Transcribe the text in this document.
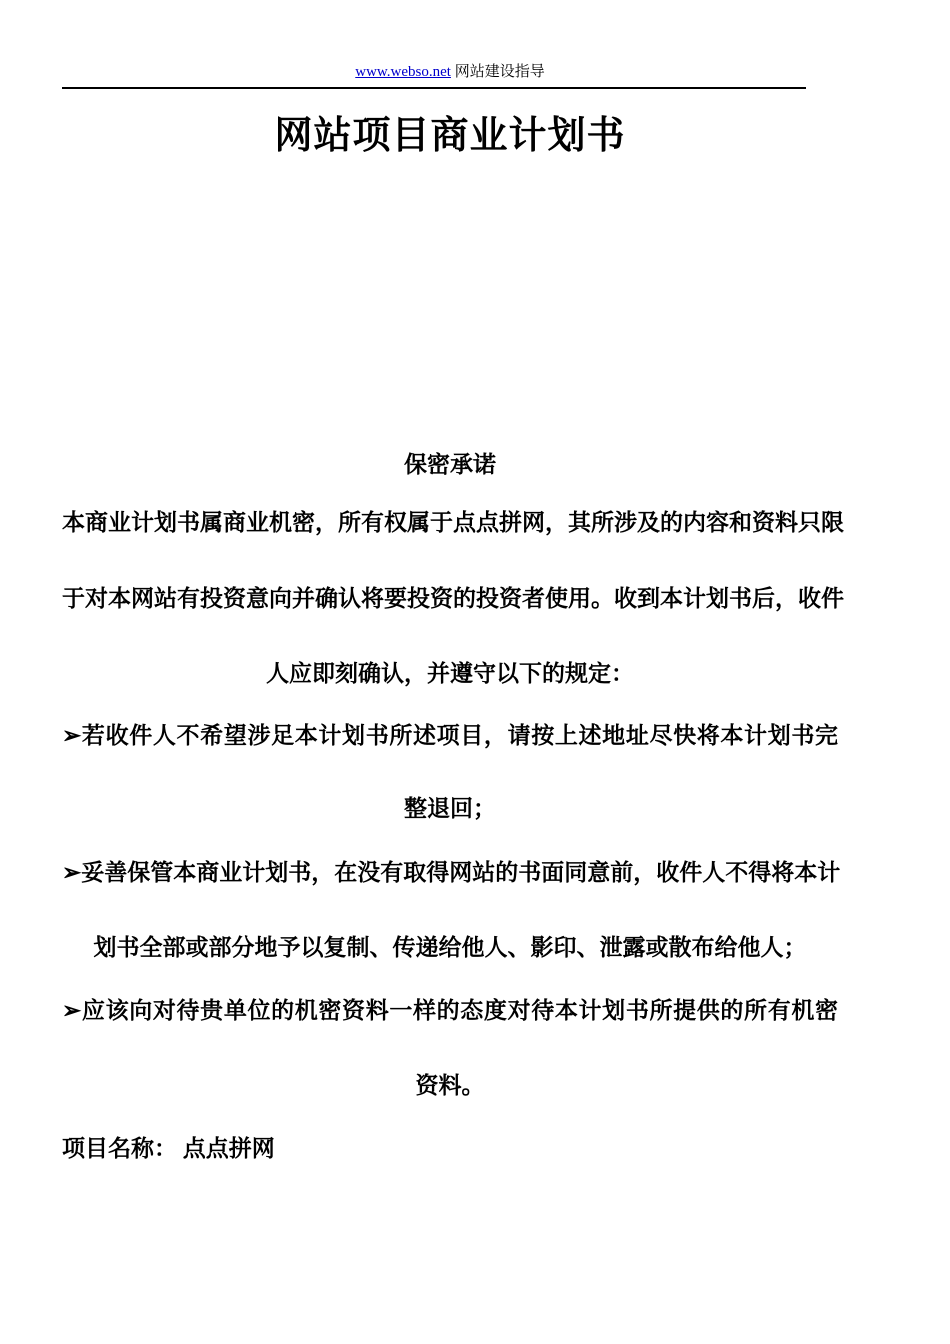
www.webso.net 网站建设指导
网站项目商业计划书
保密承诺
本商业计划书属商业机密，所有权属于点点拼网，其所涉及的内容和资料只限
于对本网站有投资意向并确认将要投资的投资者使用。收到本计划书后，收件
人应即刻确认，并遵守以下的规定：
➢若收件人不希望涉足本计划书所述项目，请按上述地址尽快将本计划书完
整退回；
➢妥善保管本商业计划书，在没有取得网站的书面同意前，收件人不得将本计
划书全部或部分地予以复制、传递给他人、影印、泄露或散布给他人；
➢应该向对待贵单位的机密资料一样的态度对待本计划书所提供的所有机密
资料。
项目名称： 点点拼网
